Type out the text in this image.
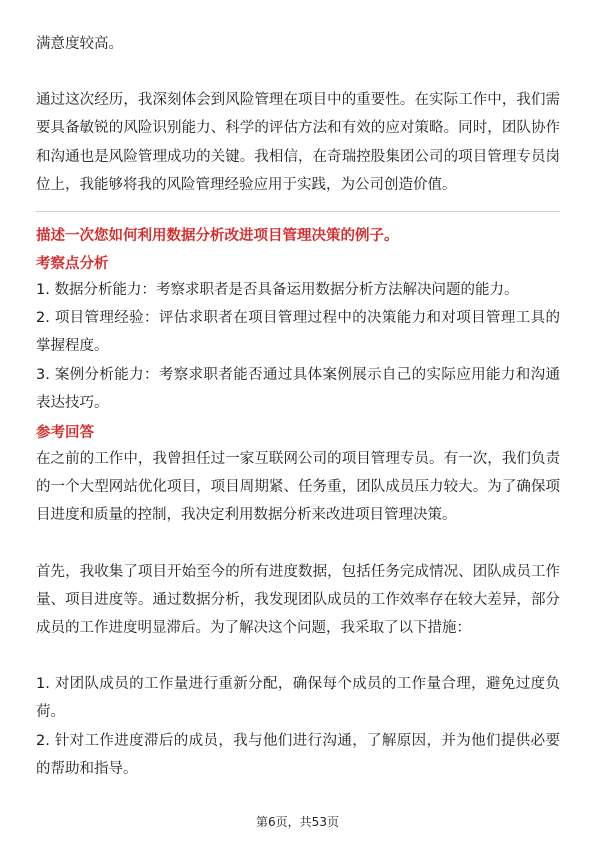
满意度较高。

通过这次经历，我深刻体会到风险管理在项目中的重要性。在实际工作中，我们需要具备敏锐的风险识别能力、科学的评估方法和有效的应对策略。同时，团队协作和沟通也是风险管理成功的关键。我相信，在奇瑞控股集团公司的项目管理专员岗位上，我能够将我的风险管理经验应用于实践，为公司创造价值。

描述一次您如何利用数据分析改进项目管理决策的例子。

考察点分析

1. 数据分析能力：考察求职者是否具备运用数据分析方法解决问题的能力。

2. 项目管理经验：评估求职者在项目管理过程中的决策能力和对项目管理工具的掌握程度。

3. 案例分析能力：考察求职者能否通过具体案例展示自己的实际应用能力和沟通表达技巧。

参考回答

在之前的工作中，我曾担任过一家互联网公司的项目管理专员。有一次，我们负责的一个大型网站优化项目，项目周期紧、任务重，团队成员压力较大。为了确保项目进度和质量的控制，我决定利用数据分析来改进项目管理决策。

首先，我收集了项目开始至今的所有进度数据，包括任务完成情况、团队成员工作量、项目进度等。通过数据分析，我发现团队成员的工作效率存在较大差异，部分成员的工作进度明显滞后。为了解决这个问题，我采取了以下措施：

1. 对团队成员的工作量进行重新分配，确保每个成员的工作量合理，避免过度负荷。

2. 针对工作进度滞后的成员，我与他们进行沟通，了解原因，并为他们提供必要的帮助和指导。

第6页，共53页
